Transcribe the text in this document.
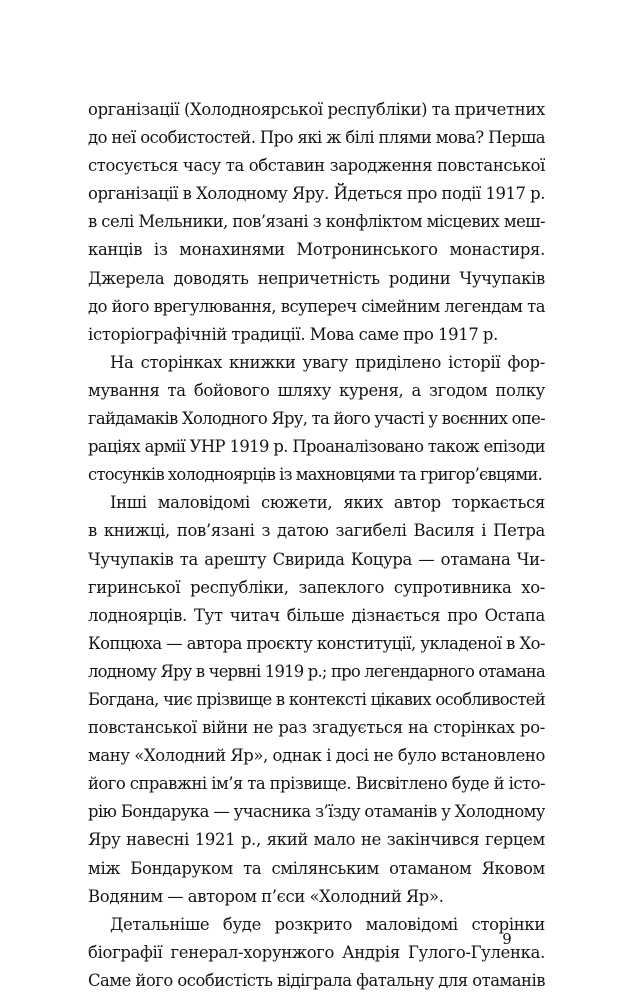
організації (Холодноярської республіки) та причетних
до неї особистостей. Про які ж білі плями мова? Перша
стосується часу та обставин зародження повстанської
організації в Холодному Яру. Йдеться про події 1917 р.
в селі Мельники, пов’язані з конфліктом місцевих меш-
канців із монахинями Мотронинського монастиря.
Джерела доводять непричетність родини Чучупаків
до його врегулювання, всупереч сімейним легендам та
історіографічній традиції. Мова саме про 1917 р.
На сторінках книжки увагу приділено історії фор-
мування та бойового шляху куреня, а згодом полку
гайдамаків Холодного Яру, та його участі у воєнних опе-
раціях армії УНР 1919 р. Проаналізовано також епізоди
стосунків холодноярців із махновцями та григор’євцями.
Інші маловідомі сюжети, яких автор торкається
в книжці, пов’язані з датою загибелі Василя і Петра
Чучупаків та арешту Свирида Коцура — отамана Чи-
гиринської республіки, запеклого супротивника хо-
лодноярців. Тут читач більше дізнається про Остапа
Копцюха — автора проєкту конституції, укладеної в Хо-
лодному Яру в червні 1919 р.; про легендарного отамана
Богдана, чиє прізвище в контексті цікавих особливостей
повстанської війни не раз згадується на сторінках ро-
ману «Холодний Яр», однак і досі не було встановлено
його справжні ім’я та прізвище. Висвітлено буде й істо-
рію Бондарука — учасника з’їзду отаманів у Холодному
Яру навесні 1921 р., який мало не закінчився герцем
між Бондаруком та смілянським отаманом Яковом
Водяним — автором п’єси «Холодний Яр».
Детальніше буде розкрито маловідомі сторінки
біографії генерал-хорунжого Андрія Гулого-Гуленка.
Саме його особистість відіграла фатальну для отаманів
9
